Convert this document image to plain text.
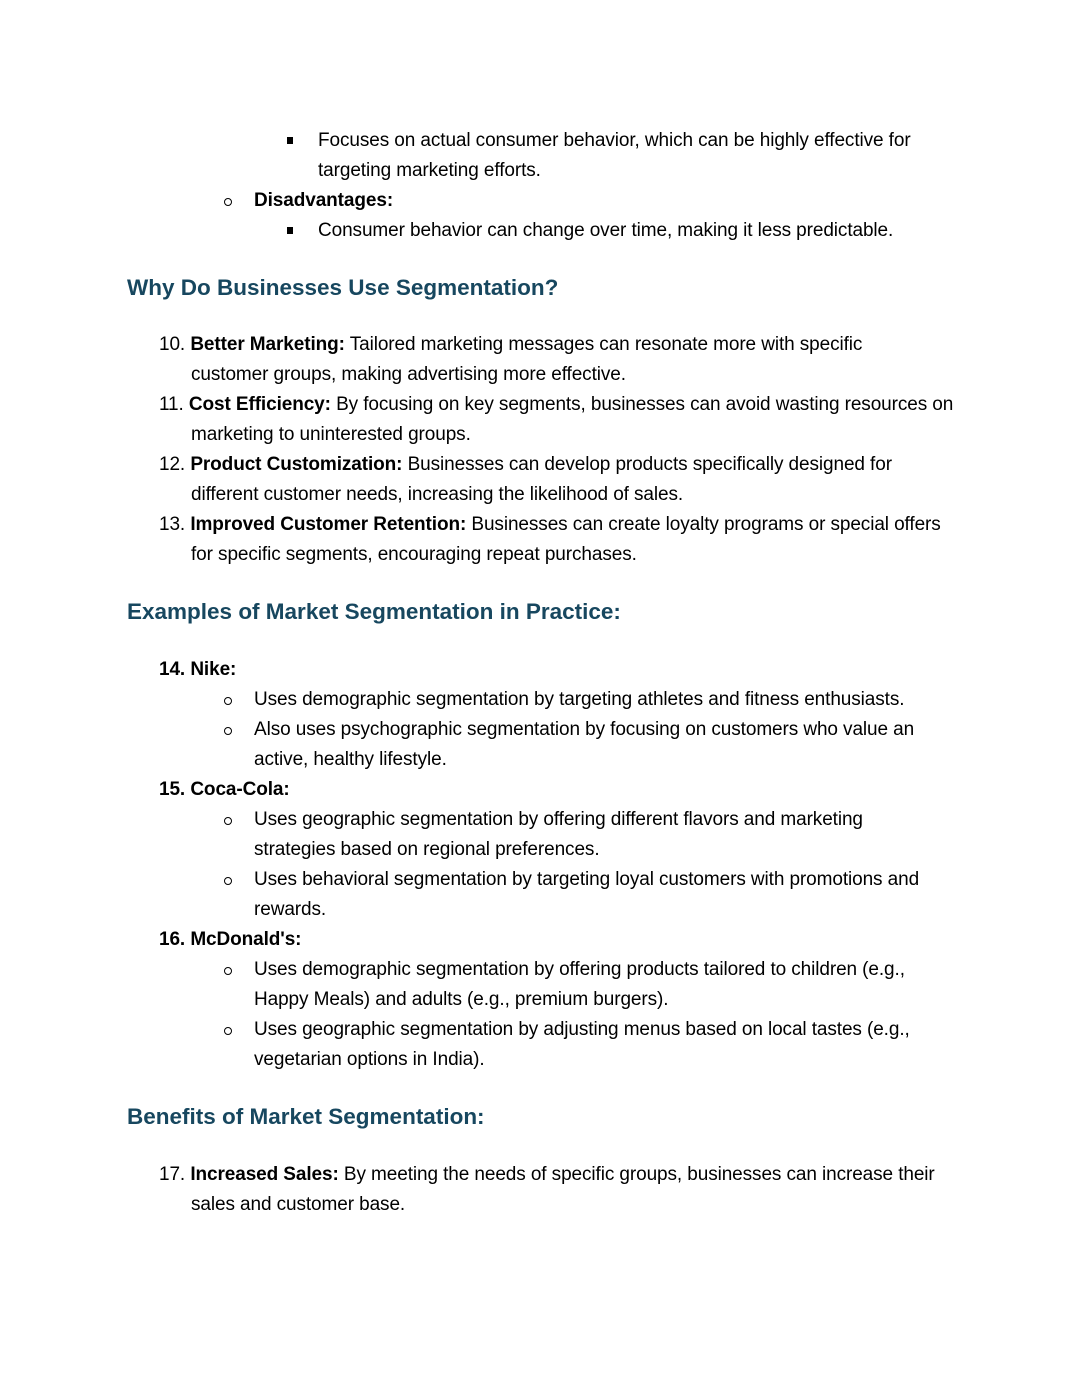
Focuses on actual consumer behavior, which can be highly effective for
targeting marketing efforts.
Disadvantages:
Consumer behavior can change over time, making it less predictable.
Why Do Businesses Use Segmentation?
10. Better Marketing: Tailored marketing messages can resonate more with specific
customer groups, making advertising more effective.
11. Cost Efficiency: By focusing on key segments, businesses can avoid wasting resources on
marketing to uninterested groups.
12. Product Customization: Businesses can develop products specifically designed for
different customer needs, increasing the likelihood of sales.
13. Improved Customer Retention: Businesses can create loyalty programs or special offers
for specific segments, encouraging repeat purchases.
Examples of Market Segmentation in Practice:
14. Nike:
Uses demographic segmentation by targeting athletes and fitness enthusiasts.
Also uses psychographic segmentation by focusing on customers who value an
active, healthy lifestyle.
15. Coca-Cola:
Uses geographic segmentation by offering different flavors and marketing
strategies based on regional preferences.
Uses behavioral segmentation by targeting loyal customers with promotions and
rewards.
16. McDonald's:
Uses demographic segmentation by offering products tailored to children (e.g.,
Happy Meals) and adults (e.g., premium burgers).
Uses geographic segmentation by adjusting menus based on local tastes (e.g.,
vegetarian options in India).
Benefits of Market Segmentation:
17. Increased Sales: By meeting the needs of specific groups, businesses can increase their
sales and customer base.
